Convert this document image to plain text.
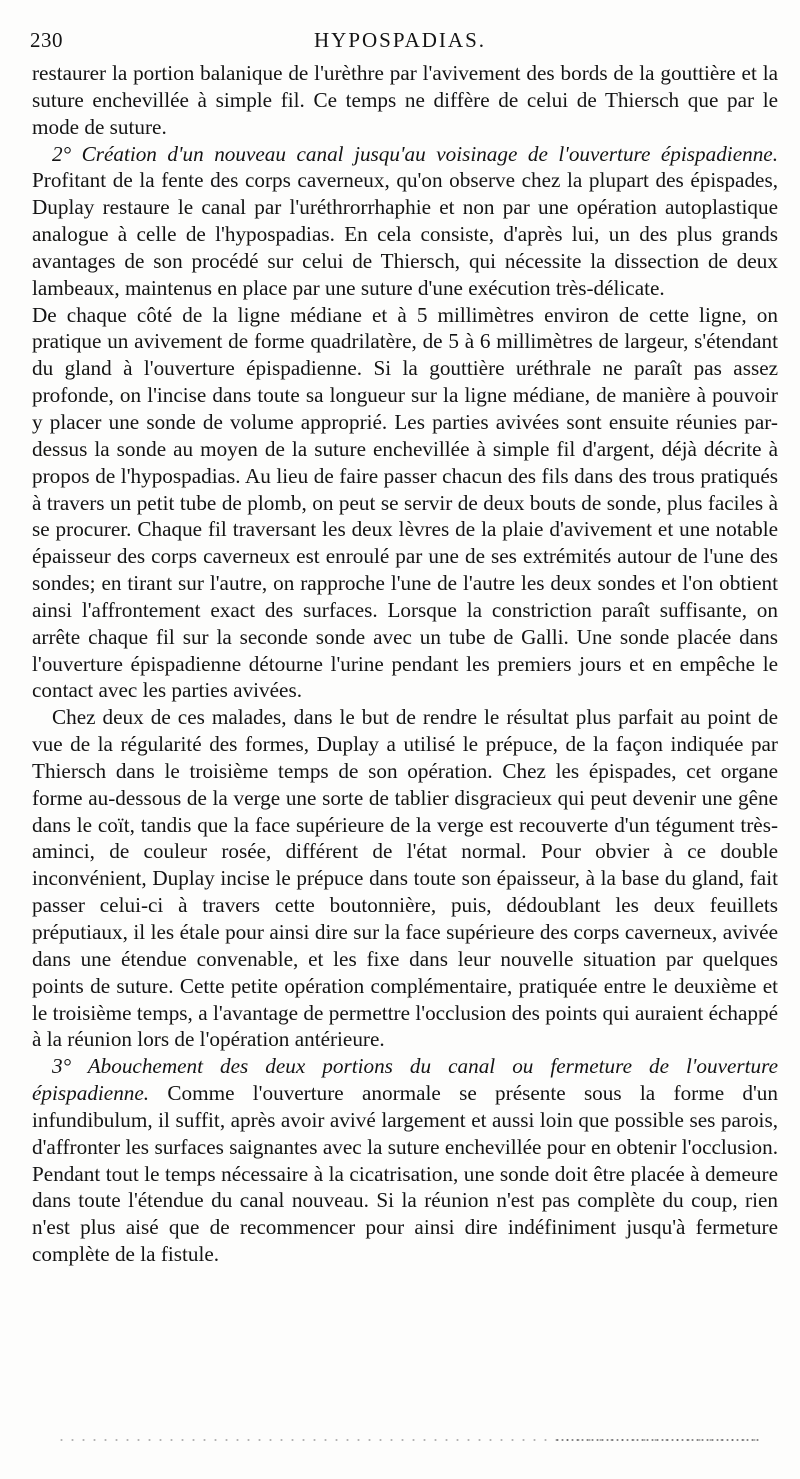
230	HYPOSPADIAS.

restaurer la portion balanique de l'urèthre par l'avivement des bords de la gouttière et la suture enchevillée à simple fil. Ce temps ne diffère de celui de Thiersch que par le mode de suture.

2° Création d'un nouveau canal jusqu'au voisinage de l'ouverture épispadienne. Profitant de la fente des corps caverneux, qu'on observe chez la plupart des épispades, Duplay restaure le canal par l'uréthrorrhaphie et non par une opération autoplastique analogue à celle de l'hypospadias. En cela consiste, d'après lui, un des plus grands avantages de son procédé sur celui de Thiersch, qui nécessite la dissection de deux lambeaux, maintenus en place par une suture d'une exécution très-délicate.

De chaque côté de la ligne médiane et à 5 millimètres environ de cette ligne, on pratique un avivement de forme quadrilatère, de 5 à 6 millimètres de largeur, s'étendant du gland à l'ouverture épispadienne. Si la gouttière uréthrale ne paraît pas assez profonde, on l'incise dans toute sa longueur sur la ligne médiane, de manière à pouvoir y placer une sonde de volume approprié. Les parties avivées sont ensuite réunies par-dessus la sonde au moyen de la suture enchevillée à simple fil d'argent, déjà décrite à propos de l'hypospadias. Au lieu de faire passer chacun des fils dans des trous pratiqués à travers un petit tube de plomb, on peut se servir de deux bouts de sonde, plus faciles à se procurer. Chaque fil traversant les deux lèvres de la plaie d'avivement et une notable épaisseur des corps caverneux est enroulé par une de ses extrémités autour de l'une des sondes; en tirant sur l'autre, on rapproche l'une de l'autre les deux sondes et l'on obtient ainsi l'affrontement exact des surfaces. Lorsque la constriction paraît suffisante, on arrête chaque fil sur la seconde sonde avec un tube de Galli. Une sonde placée dans l'ouverture épispadienne détourne l'urine pendant les premiers jours et en empêche le contact avec les parties avivées.

Chez deux de ces malades, dans le but de rendre le résultat plus parfait au point de vue de la régularité des formes, Duplay a utilisé le prépuce, de la façon indiquée par Thiersch dans le troisième temps de son opération. Chez les épispades, cet organe forme au-dessous de la verge une sorte de tablier disgracieux qui peut devenir une gêne dans le coït, tandis que la face supérieure de la verge est recouverte d'un tégument très-aminci, de couleur rosée, différent de l'état normal. Pour obvier à ce double inconvénient, Duplay incise le prépuce dans toute son épaisseur, à la base du gland, fait passer celui-ci à travers cette boutonnière, puis, dédoublant les deux feuillets préputiaux, il les étale pour ainsi dire sur la face supérieure des corps caverneux, avivée dans une étendue convenable, et les fixe dans leur nouvelle situation par quelques points de suture. Cette petite opération complémentaire, pratiquée entre le deuxième et le troisième temps, a l'avantage de permettre l'occlusion des points qui auraient échappé à la réunion lors de l'opération antérieure.

3° Abouchement des deux portions du canal ou fermeture de l'ouverture épispadienne. Comme l'ouverture anormale se présente sous la forme d'un infundibulum, il suffit, après avoir avivé largement et aussi loin que possible ses parois, d'affronter les surfaces saignantes avec la suture enchevillée pour en obtenir l'occlusion. Pendant tout le temps nécessaire à la cicatrisation, une sonde doit être placée à demeure dans toute l'étendue du canal nouveau. Si la réunion n'est pas complète du coup, rien n'est plus aisé que de recommencer pour ainsi dire indéfiniment jusqu'à fermeture complète de la fistule.
